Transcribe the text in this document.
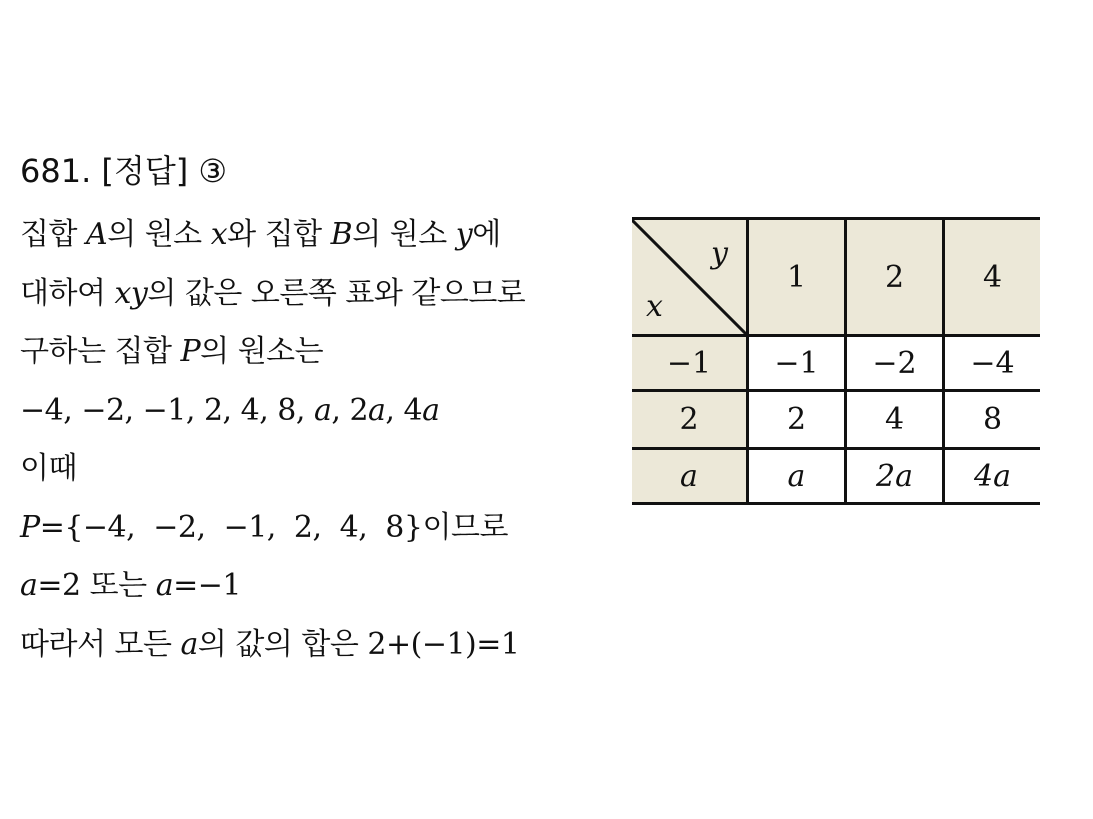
681. [정답] ③
집합 A의 원소 x와 집합 B의 원소 y에
대하여 xy의 값은 오른쪽 표와 같으므로
구하는 집합 P의 원소는
−4, −2, −1, 2, 4, 8, a, 2a, 4a
이때
P={−4,  −2,  −1,  2,  4,  8}이므로
a=2 또는 a=−1
따라서 모든 a의 값의 합은 2+(−1)=1
y
x	1	2	4
−1	−1	−2	−4
2	2	4	8
a	a	2a	4a
